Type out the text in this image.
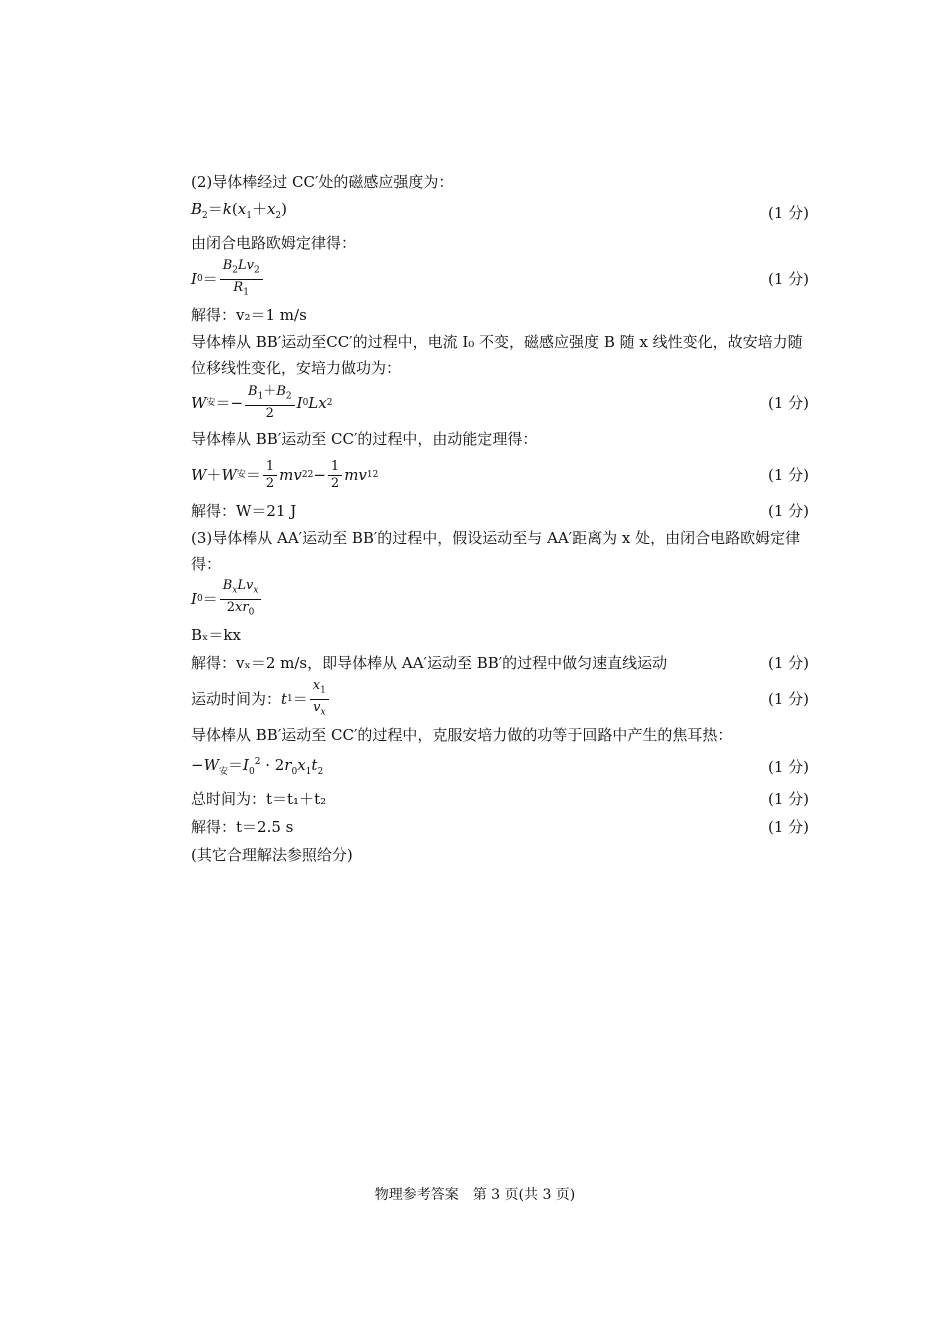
(2)导体棒经过 CC′处的磁感应强度为：
$B_2=k(x_1+x_2)$	(1 分)
由闭合电路欧姆定律得：
I $0 = \frac{B_2Lv_2}{R_1}$	(1 分)
解得：v₂＝1 m/s
导体棒从 BB′运动至CC′的过程中，电流 I₀ 不变，磁感应强度 B 随 x 线性变化，故安培力随位移线性变化，安培力做功为：
W 安 ＝− $\frac{B_1+B_2}{2}$ I 0 Lx 2	(1 分)
导体棒从 BB′运动至 CC′的过程中，由动能定理得：
W ＋ W 安 ＝ $\frac{1}{2}$ mv 2 $2 - \frac{1}{2}$ mv 1 2	(1 分)
解得：W＝21 J	(1 分)
(3)导体棒从 AA′运动至 BB′的过程中，假设运动至与 AA′距离为 x 处，由闭合电路欧姆定律得：
I $0 = \frac{B_xLv_x}{2xr_0}$
Bₓ＝kx
解得：vₓ＝2 m/s，即导体棒从 AA′运动至 BB′的过程中做匀速直线运动	(1 分)
运动时间为： t $1 = \frac{x_1}{v_x}$	(1 分)
导体棒从 BB′运动至 CC′的过程中，克服安培力做的功等于回路中产生的焦耳热：
$-W_安=I_0^2 \cdot 2r_0x_1t_2$	(1 分)
总时间为：t＝t₁＋t₂	(1 分)
解得：t＝2.5 s	(1 分)
(其它合理解法参照给分)
物理参考答案　第 3 页(共 3 页)
